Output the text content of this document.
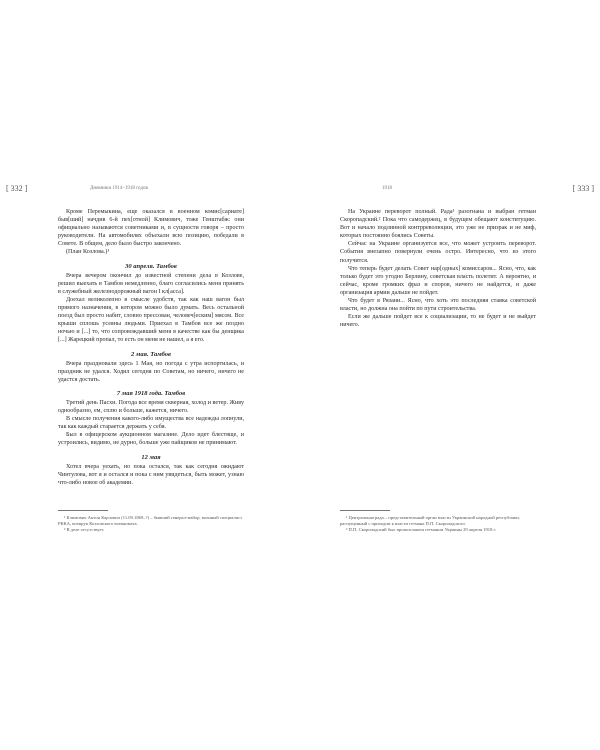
[ 332 ]	Дневники 1914–1918 годов

Кроме Перемыкина, еще оказался в военном комис[сариате] быв[ший] начдив 6-й пех[отной] Климович, тоже Генштабж: они официально называются советниками и, в сущности говоря – просто руководители. На автомобилях объехали всю позицию, победали в Совете. В общем, дело было быстро закончено.

(План Козлова.)¹

30 апреля. Тамбов

Вчера вечером окончил до известной степени дела в Козлове, решил выехать в Тамбов немедленно, благо согласились меня принять в служебный железнодорожный вагон I кл[асса].

Доехал великолепно в смысле удобств, так как наш вагон был прямого назначения, в котором можно было думать. Весь остальной поезд был просто набит, словно прессован, человеч[еским] мясом. Все крыши сплошь усеяны людьми. Приехал в Тамбов все же поздно ночью и [...] то, что сопровождавший меня в качестве как бы денщика [...] Жарецкий пропал, то есть он меня не нашел, а я его.

2 мая. Тамбов

Вчера праздновали здесь 1 Мая, но погода с утра испортилась, и праздник не удался. Ходил сегодня по Советам, но ничего, ничего не удастся достать.

7 мая 1918 года. Тамбов

Третий день Пасхи. Погода все время скверная, холод и ветер. Живу однообразно, ем, сплю и больше, кажется, ничего.

В смысле получения какого-либо имущества все надежды лопнули, так как каждый старается держать у себя.

Был в офицерском аукционном магазине. Дело идет блестяще, и устроились, видимо, не дурно, больше уже пайщиков не принимают.

12 мая

Хотел вчера уехать, но пока остался, так как сегодня ожидают Чинтулова, вот я и остался и пока с ним увидеться, быть может, узнаю что-либо новое об академии.

¹ Климович Антон Карлович (11.09.1869–?) – бывший генерал-майор, военный специалист РККА, военрук Козловского военкомата.

² В деле отсутствует.

[ 333 ]
1918

На Украине переворот полный. Рада¹ разогнана и выбран гетман Скоропадский.² Пока что самодержец, в будущем обещают конституцию. Вот и начало подлинной контрреволюции, это уже не призрак и не миф, которых постоянно боялись Советы.

Сейчас на Украине организуется все, что может устроить переворот. События внезапно повернули очень остро. Интересно, что из этого получится.

Что теперь будет делать Совет нар[одных] комиссаров... Ясно, что, как только будет это угодно Берлину, советская власть полетит. А вероятно, и сейчас, кроме громких фраз и споров, ничего не найдется, и даже организация армии дальше не пойдет.

Что будет в Рязани... Ясно, что хоть это последняя ставка советской власти, но должна она пойти по пути строительства.

Если же дальше пойдет все к социализации, то не будет и не выйдет ничего.

¹ Центральная рада – представительный орган власти Украинской народной республики, распущенный с приходом к власти гетмана П.П. Скоропадского.

² П.П. Скоропадский был провозглашен гетманом Украины 29 апреля 1918 г.
